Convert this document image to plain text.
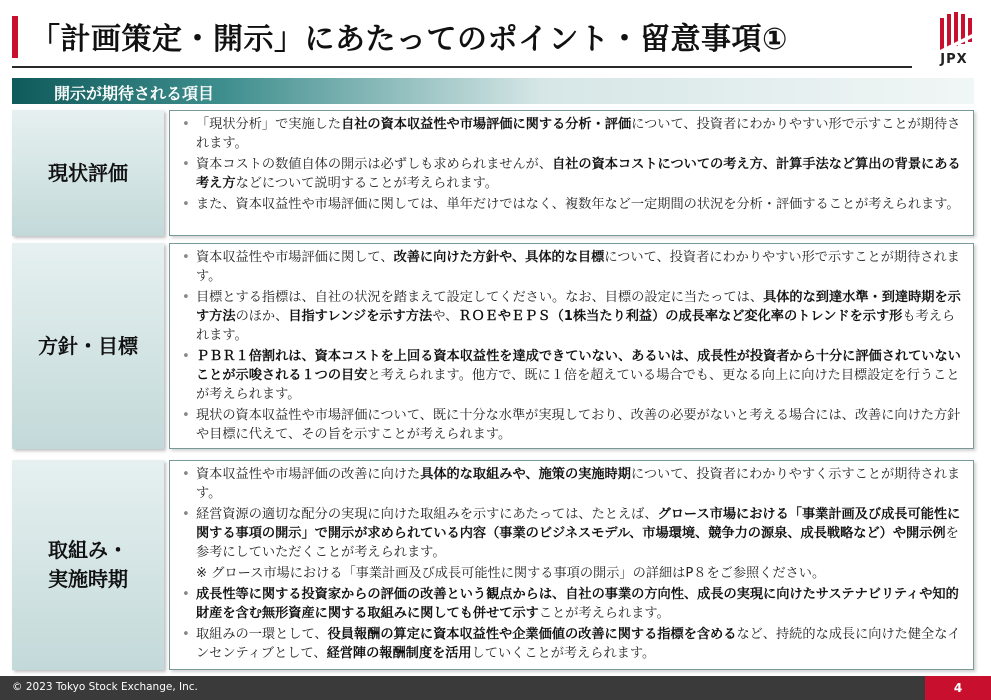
「計画策定・開示」にあたってのポイント・留意事項①
JPX
開示が期待される項目
現状評価
• 「現状分析」で実施した自社の資本収益性や市場評価に関する分析・評価について、投資者にわかりやすい形で示すことが期待されます。
• 資本コストの数値自体の開示は必ずしも求められませんが、自社の資本コストについての考え方、計算手法など算出の背景にある考え方などについて説明することが考えられます。
• また、資本収益性や市場評価に関しては、単年だけではなく、複数年など一定期間の状況を分析・評価することが考えられます。
方針・目標
• 資本収益性や市場評価に関して、改善に向けた方針や、具体的な目標について、投資者にわかりやすい形で示すことが期待されます。
• 目標とする指標は、自社の状況を踏まえて設定してください。なお、目標の設定に当たっては、具体的な到達水準・到達時期を示す方法のほか、目指すレンジを示す方法や、ＲＯＥやＥＰＳ（1株当たり利益）の成長率など変化率のトレンドを示す形も考えられます。
• ＰＢＲ１倍割れは、資本コストを上回る資本収益性を達成できていない、あるいは、成長性が投資者から十分に評価されていないことが示唆される１つの目安と考えられます。他方で、既に１倍を超えている場合でも、更なる向上に向けた目標設定を行うことが考えられます。
• 現状の資本収益性や市場評価について、既に十分な水準が実現しており、改善の必要がないと考える場合には、改善に向けた方針や目標に代えて、その旨を示すことが考えられます。
取組み・
実施時期
• 資本収益性や市場評価の改善に向けた具体的な取組みや、施策の実施時期について、投資者にわかりやすく示すことが期待されます。
• 経営資源の適切な配分の実現に向けた取組みを示すにあたっては、たとえば、グロース市場における「事業計画及び成長可能性に関する事項の開示」で開示が求められている内容（事業のビジネスモデル、市場環境、競争力の源泉、成長戦略など）や開示例を参考にしていただくことが考えられます。
※ グロース市場における「事業計画及び成長可能性に関する事項の開示」の詳細はP８をご参照ください。
• 成長性等に関する投資家からの評価の改善という観点からは、自社の事業の方向性、成長の実現に向けたサステナビリティや知的財産を含む無形資産に関する取組みに関しても併せて示すことが考えられます。
• 取組みの一環として、役員報酬の算定に資本収益性や企業価値の改善に関する指標を含めるなど、持続的な成長に向けた健全なインセンティブとして、経営陣の報酬制度を活用していくことが考えられます。
© 2023 Tokyo Stock Exchange, Inc.	4
